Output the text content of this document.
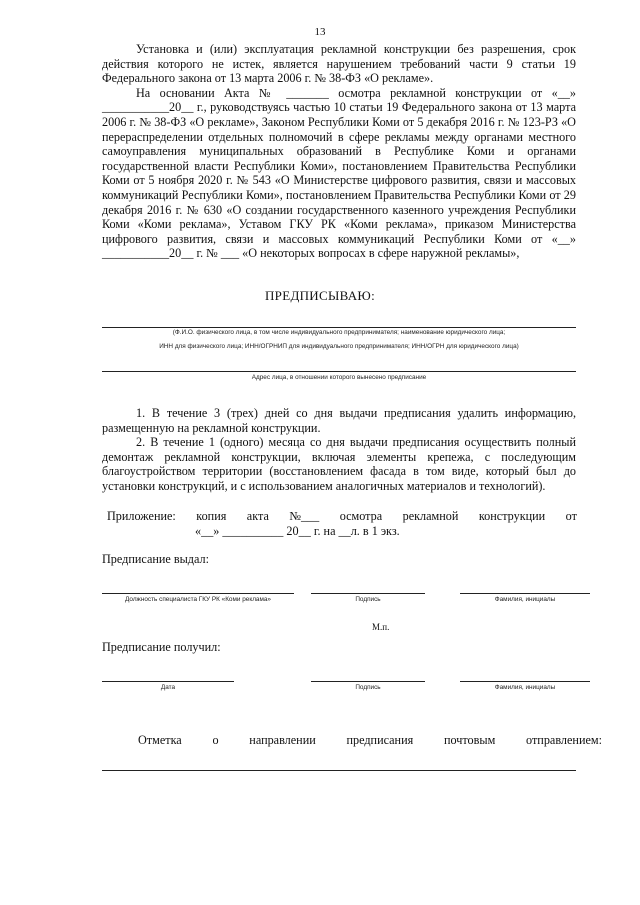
13

Установка и (или) эксплуатация рекламной конструкции без разрешения, срок действия которого не истек, является нарушением требований части 9 статьи 19 Федерального закона от 13 марта 2006 г. № 38-ФЗ «О рекламе».

На основании Акта № _______ осмотра рекламной конструкции от «__» ___________20__ г., руководствуясь частью 10 статьи 19 Федерального закона от 13 марта 2006 г. № 38-ФЗ «О рекламе», Законом Республики Коми от 5 декабря 2016 г. № 123-РЗ «О перераспределении отдельных полномочий в сфере рекламы между органами местного самоуправления муниципальных образований в Республике Коми и органами государственной власти Республики Коми», постановлением Правительства Республики Коми от 5 ноября 2020 г. № 543 «О Министерстве цифрового развития, связи и массовых коммуникаций Республики Коми», постановлением Правительства Республики Коми от 29 декабря 2016 г. № 630 «О создании государственного казенного учреждения Республики Коми «Коми реклама», Уставом ГКУ РК «Коми реклама», приказом Министерства цифрового развития, связи и массовых коммуникаций Республики Коми от «__» ___________20__ г. № ___ «О некоторых вопросах в сфере наружной рекламы»,

ПРЕДПИСЫВАЮ:
(Ф.И.О. физического лица, в том числе индивидуального предпринимателя; наименование юридического лица;
ИНН для физического лица; ИНН/ОГРНИП для индивидуального предпринимателя; ИНН/ОГРН для юридического лица)
Адрес лица, в отношении которого вынесено предписание

1. В течение 3 (трех) дней со дня выдачи предписания удалить информацию, размещенную на рекламной конструкции.

2. В течение 1 (одного) месяца со дня выдачи предписания осуществить полный демонтаж рекламной конструкции, включая элементы крепежа, с последующим благоустройством территории (восстановлением фасада в том виде, который был до установки конструкций, и с использованием аналогичных материалов и технологий).

Приложение: копия акта №___ осмотра рекламной конструкции от
«__» __________ 20__ г. на __л. в 1 экз.
Предписание выдал:
Должность специалиста ГКУ РК «Коми реклама»	Подпись	Фамилия, инициалы
М.п.
Предписание получил:
Дата	Подпись	Фамилия, инициалы
Отметка	о	направлении	предписания	почтовым	отправлением:
